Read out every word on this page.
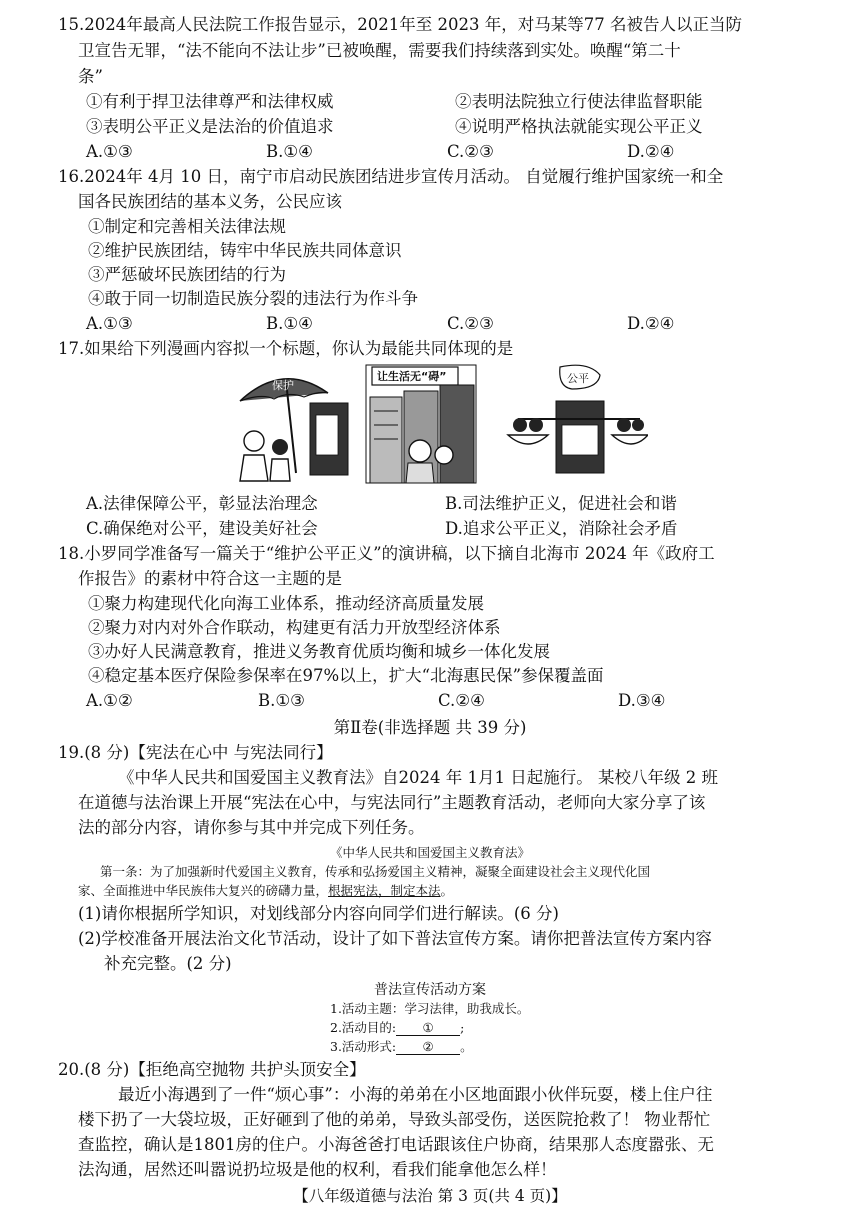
15.2024年最高人民法院工作报告显示，2021年至 2023 年，对马某等77 名被告人以正当防
卫宣告无罪，“法不能向不法让步”已被唤醒，需要我们持续落到实处。唤醒“第二十
条”
①有利于捍卫法律尊严和法律权威	②表明法院独立行使法律监督职能
③表明公平正义是法治的价值追求	④说明严格执法就能实现公平正义
A.①③	B.①④	C.②③	D.②④
16.2024年 4月 10 日，南宁市启动民族团结进步宣传月活动。 自觉履行维护国家统一和全
国各民族团结的基本义务，公民应该
①制定和完善相关法律法规
②维护民族团结，铸牢中华民族共同体意识
③严惩破坏民族团结的行为
④敢于同一切制造民族分裂的违法行为作斗争
A.①③	B.①④	C.②③	D.②④
17.如果给下列漫画内容拟一个标题，你认为最能共同体现的是
保护
让生活无“碍”	公平
A.法律保障公平，彰显法治理念	B.司法维护正义，促进社会和谐
C.确保绝对公平，建设美好社会	D.追求公平正义，消除社会矛盾
18.小罗同学准备写一篇关于“维护公平正义”的演讲稿，以下摘自北海市 2024 年《政府工
作报告》的素材中符合这一主题的是
①聚力构建现代化向海工业体系，推动经济高质量发展
②聚力对内对外合作联动，构建更有活力开放型经济体系
③办好人民满意教育，推进义务教育优质均衡和城乡一体化发展
④稳定基本医疗保险参保率在97%以上，扩大“北海惠民保”参保覆盖面
A.①②	B.①③	C.②④	D.③④
第Ⅱ卷(非选择题 共 39 分)
19.(8 分)【宪法在心中 与宪法同行】
《中华人民共和国爱国主义教育法》自2024 年 1月1 日起施行。 某校八年级 2 班
在道德与法治课上开展“宪法在心中，与宪法同行”主题教育活动，老师向大家分享了该
法的部分内容，请你参与其中并完成下列任务。
《中华人民共和国爱国主义教育法》
第一条：为了加强新时代爱国主义教育，传承和弘扬爱国主义精神，凝聚全面建设社会主义现代化国
家、全面推进中华民族伟大复兴的磅礴力量，根据宪法，制定本法。
(1)请你根据所学知识，对划线部分内容向同学们进行解读。(6 分)
(2)学校准备开展法治文化节活动，设计了如下普法宣传方案。请你把普法宣传方案内容
补充完整。(2 分)
普法宣传活动方案
1.活动主题：学习法律，助我成长。
2.活动目的: ① ;
3.活动形式: ② 。
20.(8 分)【拒绝高空抛物 共护头顶安全】
最近小海遇到了一件“烦心事”：小海的弟弟在小区地面跟小伙伴玩耍，楼上住户往
楼下扔了一大袋垃圾，正好砸到了他的弟弟，导致头部受伤，送医院抢救了！ 物业帮忙
查监控，确认是1801房的住户。小海爸爸打电话跟该住户协商，结果那人态度嚣张、无
法沟通，居然还叫嚣说扔垃圾是他的权利，看我们能拿他怎么样！
【八年级道德与法治 第 3 页(共 4 页)】
